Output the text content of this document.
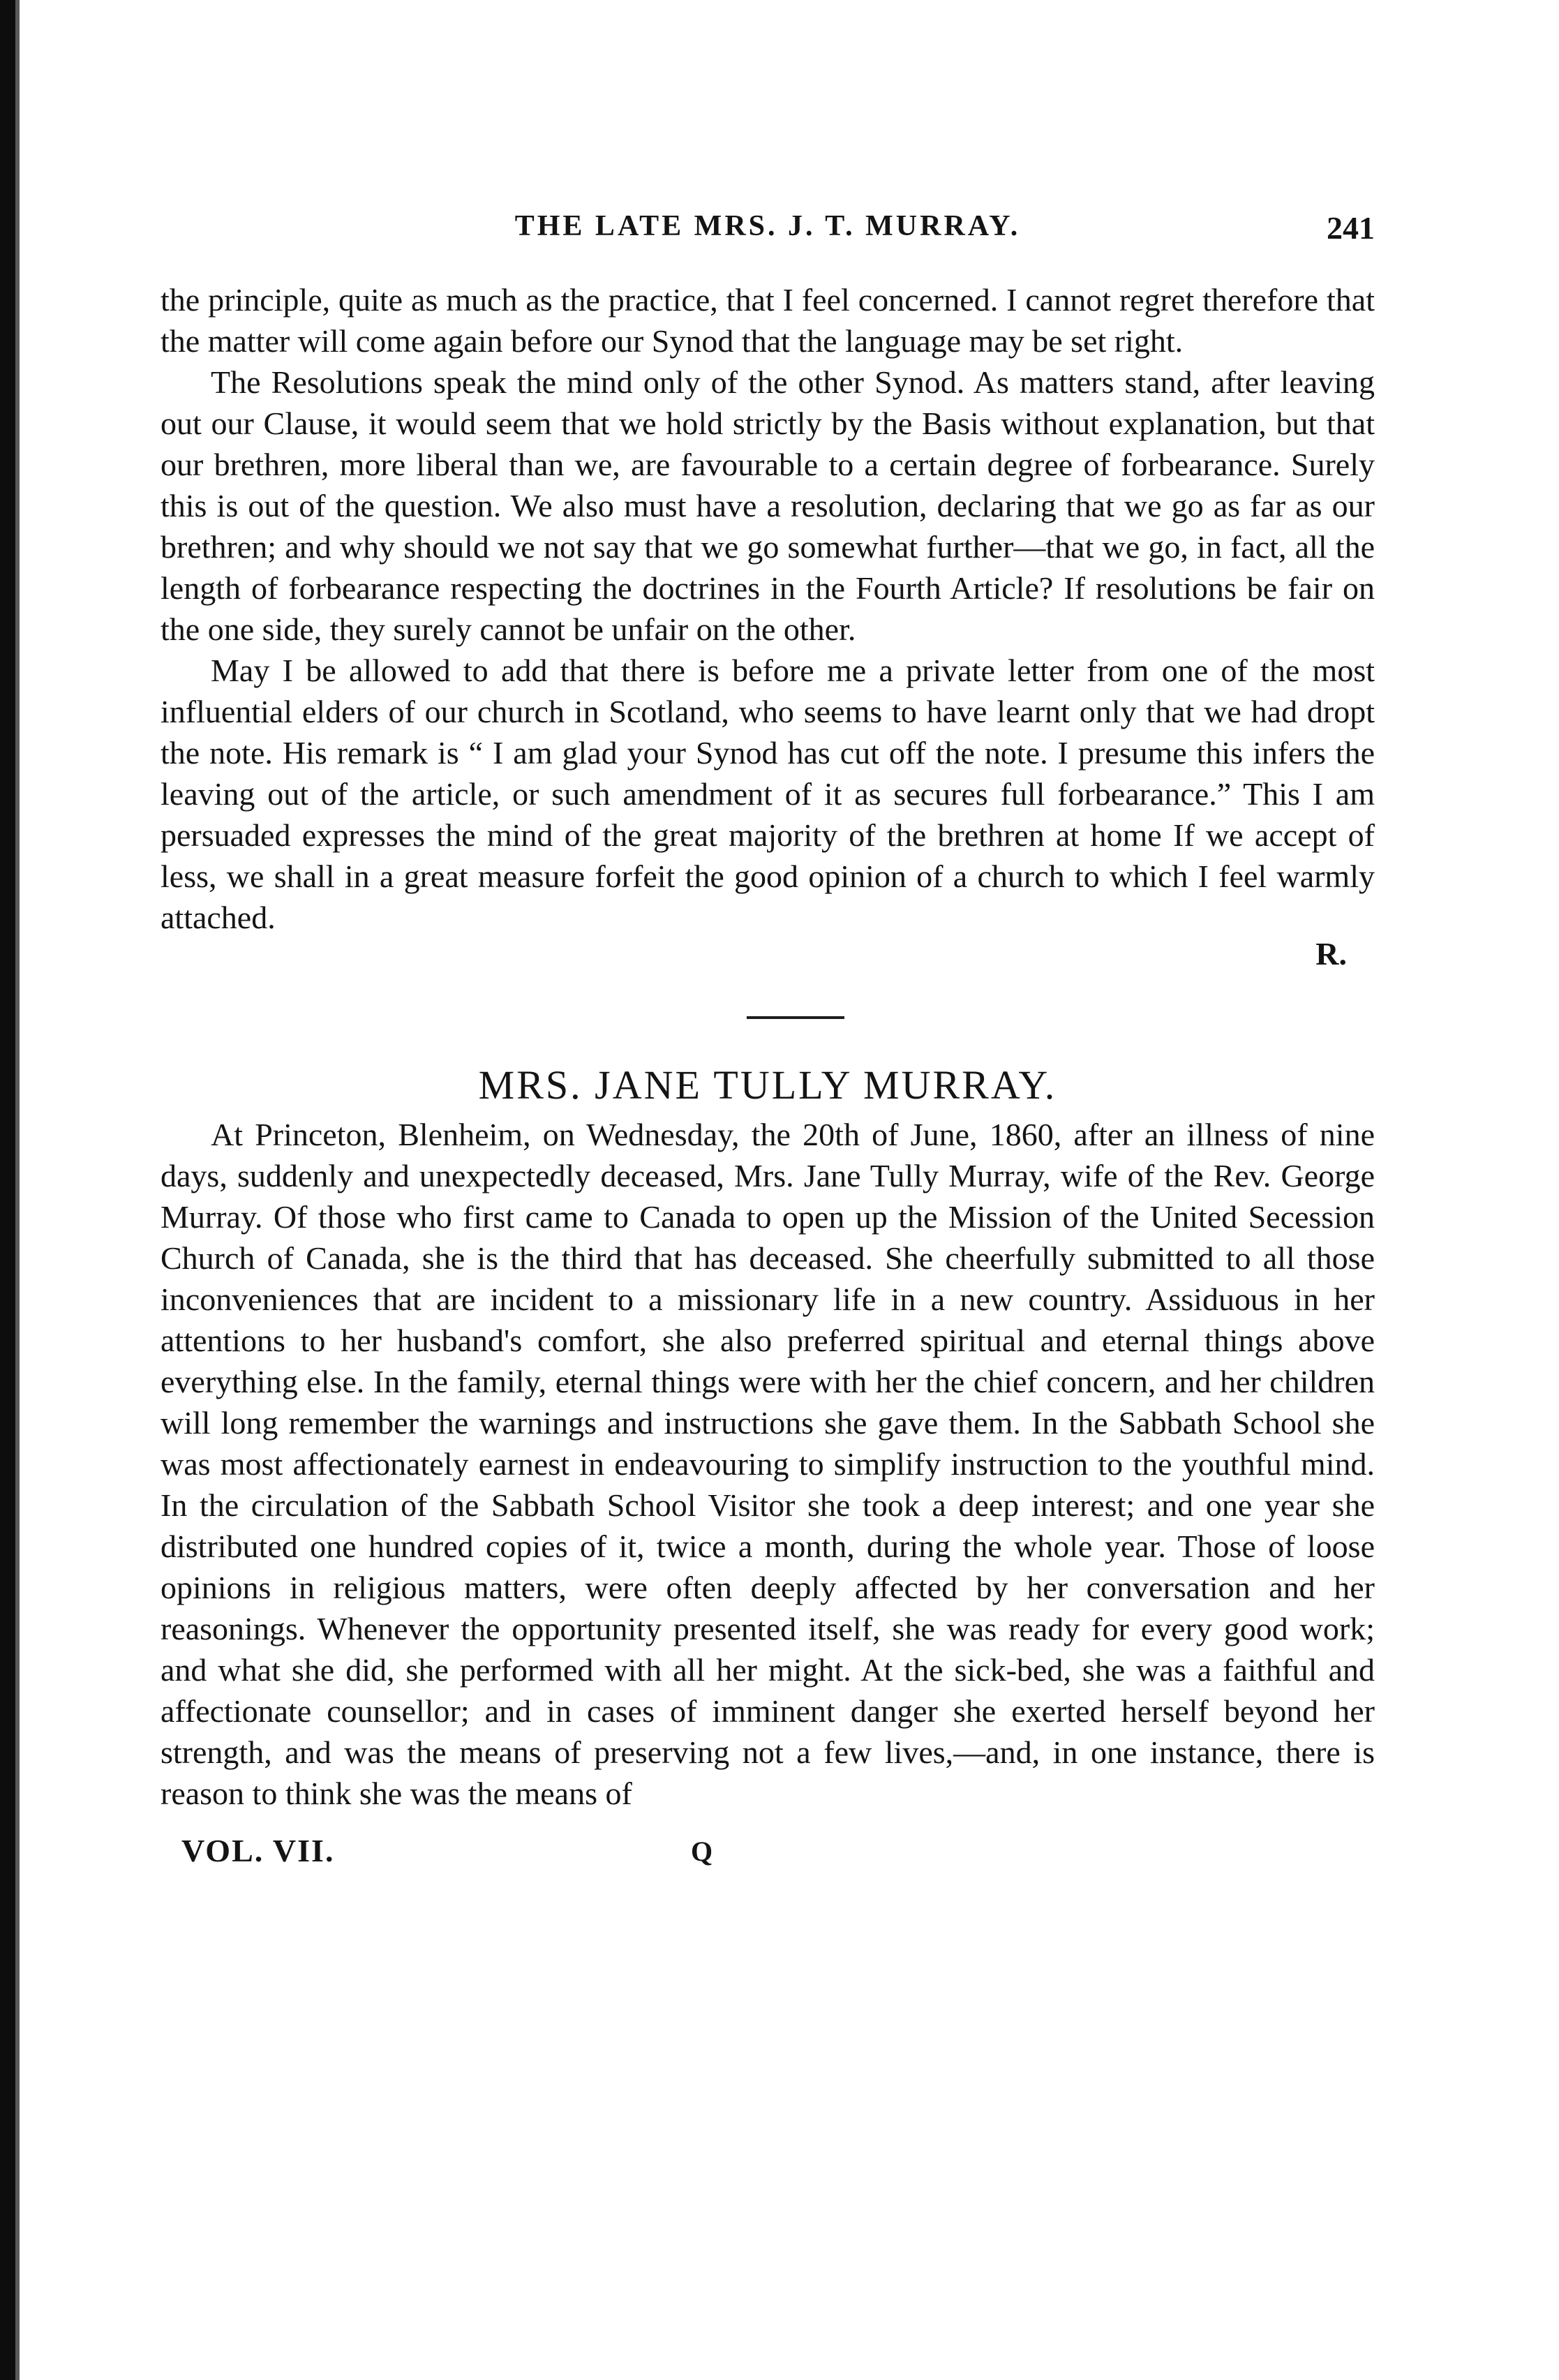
THE LATE MRS. J. T. MURRAY.	241

the principle, quite as much as the practice, that I feel concerned. I cannot regret therefore that the matter will come again before our Synod that the language may be set right.

The Resolutions speak the mind only of the other Synod. As matters stand, after leaving out our Clause, it would seem that we hold strictly by the Basis without explanation, but that our brethren, more liberal than we, are favourable to a certain degree of forbearance. Surely this is out of the question. We also must have a resolution, declaring that we go as far as our brethren; and why should we not say that we go somewhat further—that we go, in fact, all the length of forbearance respecting the doctrines in the Fourth Article? If resolutions be fair on the one side, they surely cannot be unfair on the other.

May I be allowed to add that there is before me a private letter from one of the most influential elders of our church in Scotland, who seems to have learnt only that we had dropt the note. His remark is “ I am glad your Synod has cut off the note. I presume this infers the leaving out of the article, or such amendment of it as secures full forbearance.” This I am persuaded expresses the mind of the great majority of the brethren at home If we accept of less, we shall in a great measure forfeit the good opinion of a church to which I feel warmly attached.

R.
MRS. JANE TULLY MURRAY.

At Princeton, Blenheim, on Wednesday, the 20th of June, 1860, after an illness of nine days, suddenly and unexpectedly deceased, Mrs. Jane Tully Murray, wife of the Rev. George Murray. Of those who first came to Canada to open up the Mission of the United Secession Church of Canada, she is the third that has deceased. She cheerfully submitted to all those inconveniences that are incident to a missionary life in a new country. Assiduous in her attentions to her husband's comfort, she also preferred spiritual and eternal things above everything else. In the family, eternal things were with her the chief concern, and her children will long remember the warnings and instructions she gave them. In the Sabbath School she was most affectionately earnest in endeavouring to simplify instruction to the youthful mind. In the circulation of the Sabbath School Visitor she took a deep interest; and one year she distributed one hundred copies of it, twice a month, during the whole year. Those of loose opinions in religious matters, were often deeply affected by her conversation and her reasonings. Whenever the opportunity presented itself, she was ready for every good work; and what she did, she performed with all her might. At the sick-bed, she was a faithful and affectionate counsellor; and in cases of imminent danger she exerted herself beyond her strength, and was the means of preserving not a few lives,—and, in one instance, there is reason to think she was the means of

VOL. VII.	Q
